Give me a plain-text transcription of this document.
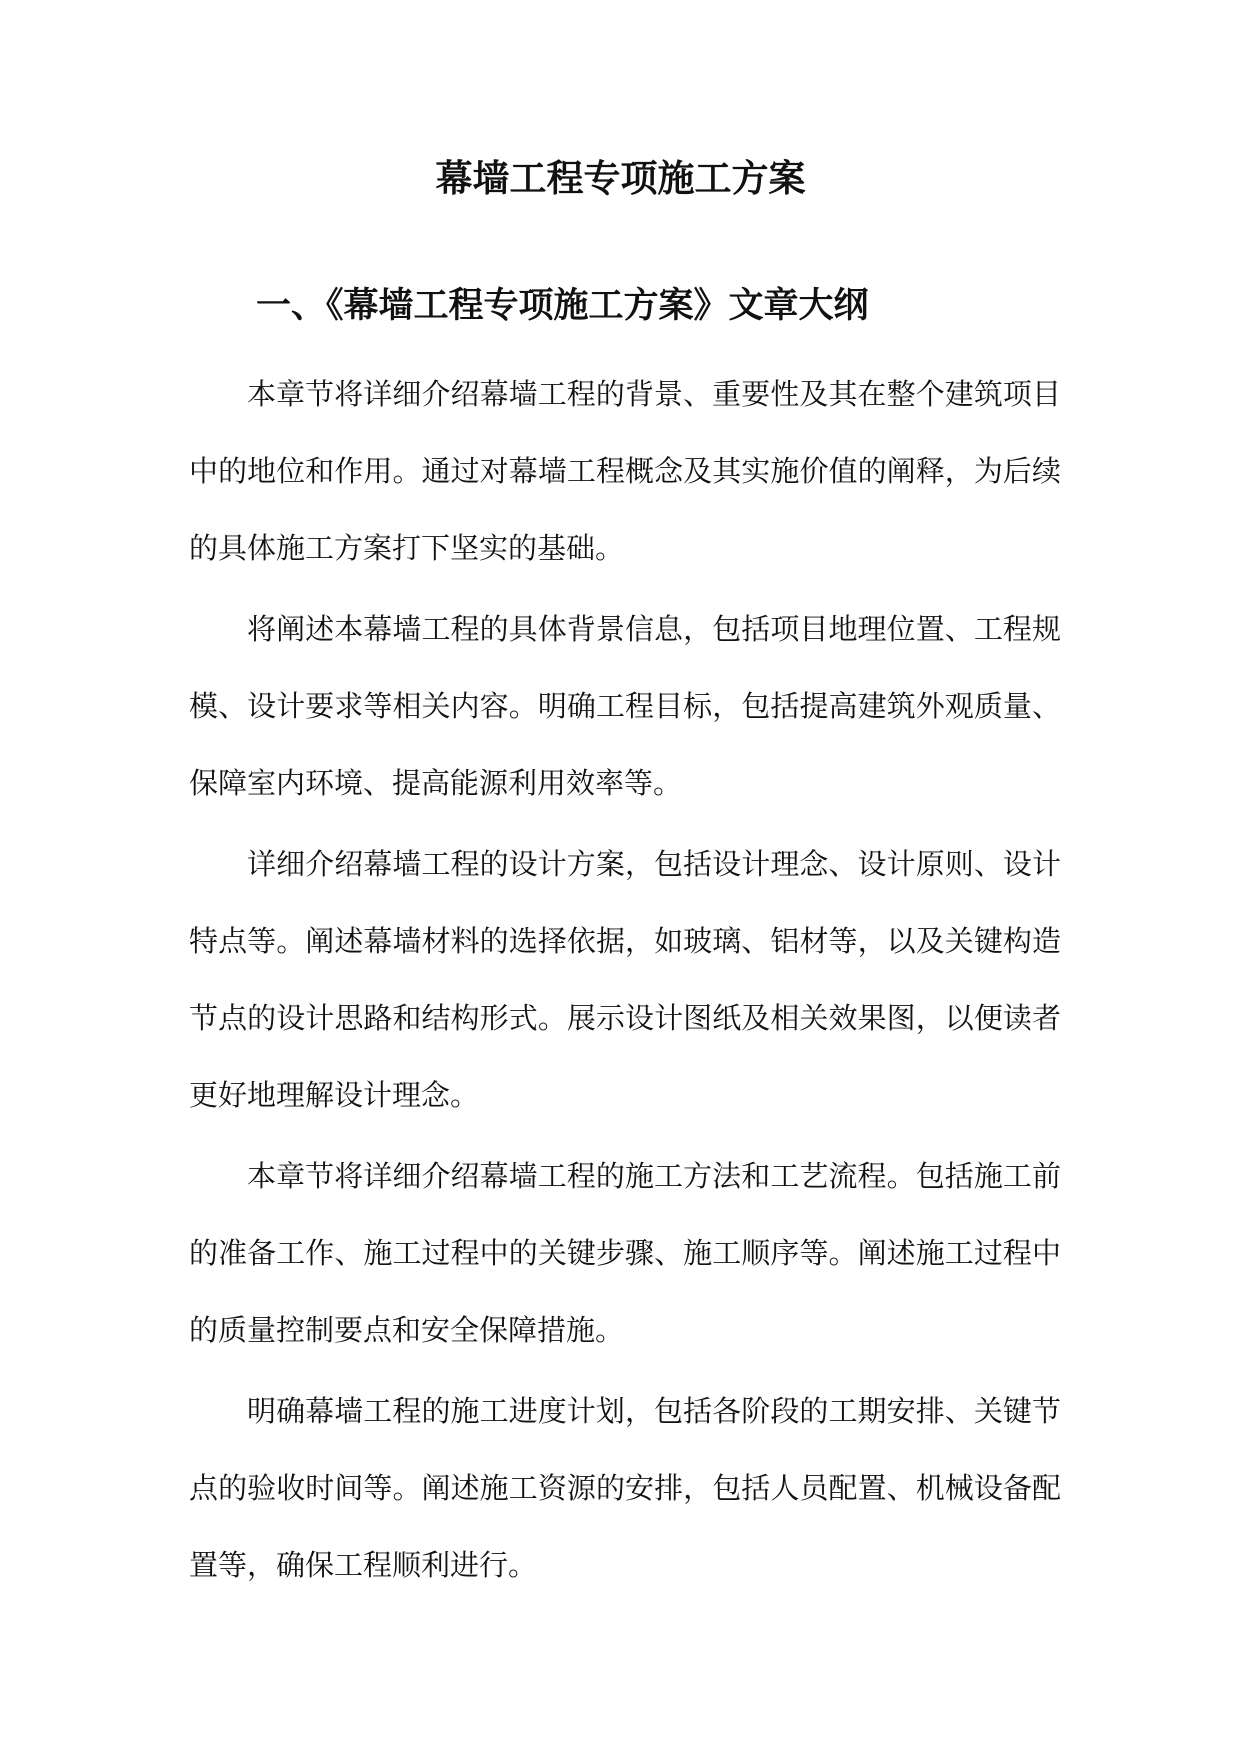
幕墙工程专项施工方案
一、《幕墙工程专项施工方案》文章大纲

本章节将详细介绍幕墙工程的背景、重要性及其在整个建筑项目中的地位和作用。通过对幕墙工程概念及其实施价值的阐释，为后续的具体施工方案打下坚实的基础。

将阐述本幕墙工程的具体背景信息，包括项目地理位置、工程规模、设计要求等相关内容。明确工程目标，包括提高建筑外观质量、保障室内环境、提高能源利用效率等。

详细介绍幕墙工程的设计方案，包括设计理念、设计原则、设计特点等。阐述幕墙材料的选择依据，如玻璃、铝材等，以及关键构造节点的设计思路和结构形式。展示设计图纸及相关效果图，以便读者更好地理解设计理念。

本章节将详细介绍幕墙工程的施工方法和工艺流程。包括施工前的准备工作、施工过程中的关键步骤、施工顺序等。阐述施工过程中的质量控制要点和安全保障措施。

明确幕墙工程的施工进度计划，包括各阶段的工期安排、关键节点的验收时间等。阐述施工资源的安排，包括人员配置、机械设备配置等，确保工程顺利进行。
